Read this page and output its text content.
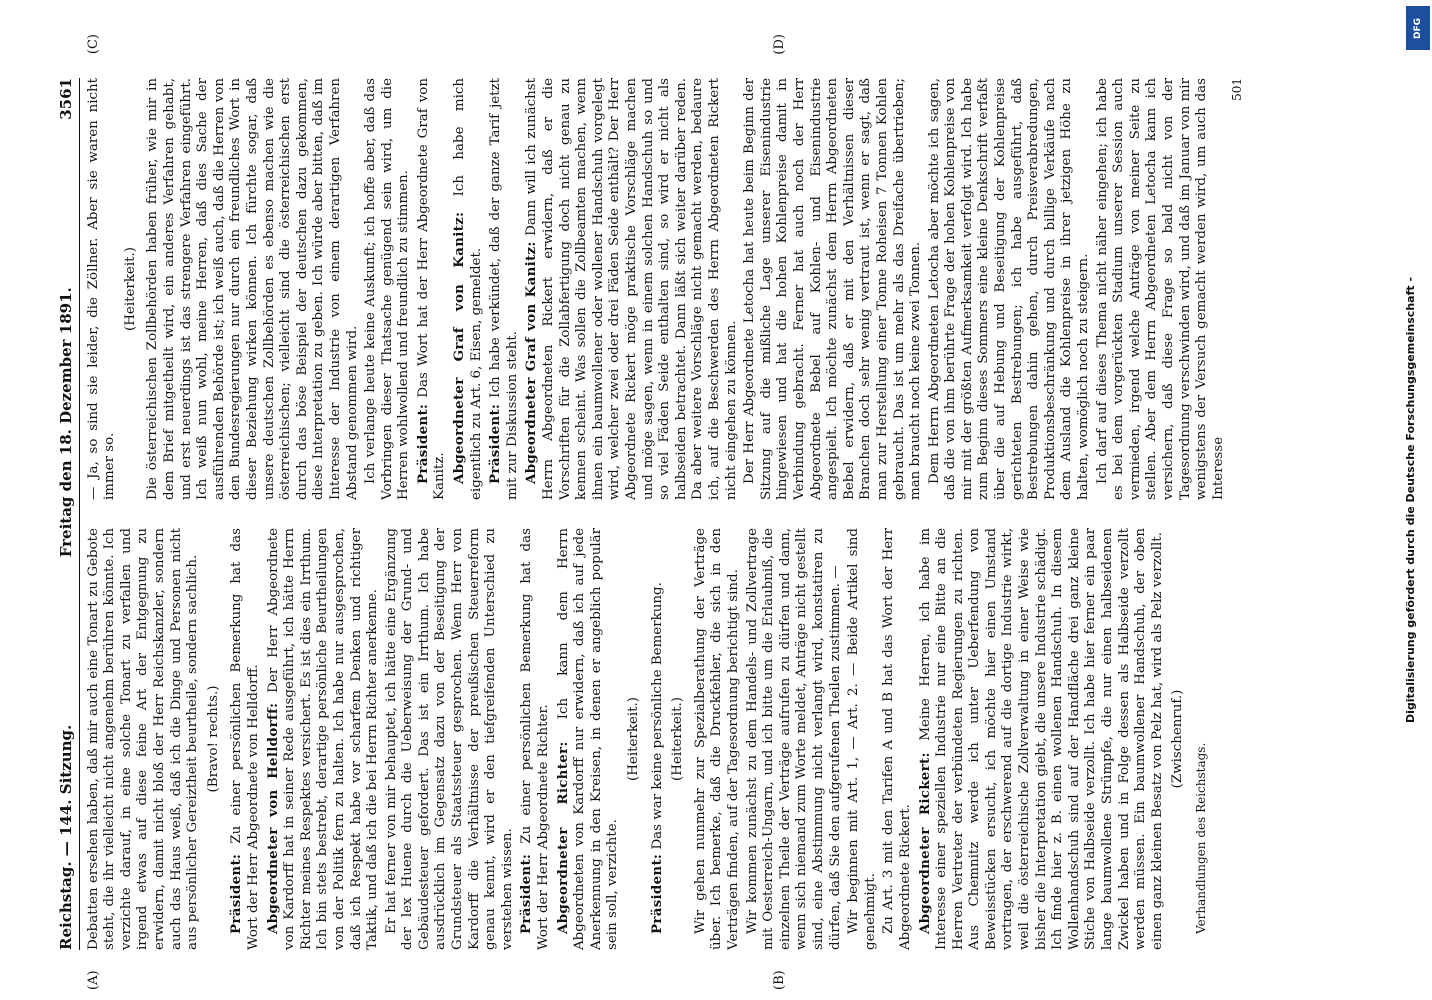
Reichstag. — 144. Sitzung.
Freitag den 18. Dezember 1891.
3561
(A)	(B)
(C)	(D)

Debatten ersehen haben, daß mir auch eine Tonart zu Gebote steht, die ihr vielleicht nicht angenehm berühren könnte. Ich verzichte darauf, in eine solche Tonart zu verfallen und irgend etwas auf diese feine Art der Entgegnung zu erwidern, damit nicht bloß der Herr Reichskanzler, sondern auch das Haus weiß, daß ich die Dinge und Personen nicht aus persönlicher Gereiztheit beurtheile, sondern sachlich. (Bravo! rechts.)

Präsident: Zu einer persönlichen Bemerkung hat das Wort der Herr Abgeordnete von Helldorff. Abgeordneter von Helldorff: Der Herr Abgeordnete von Kardorff hat in seiner Rede ausgeführt, ich hätte Herrn Richter meines Respektes versichert. Es ist dies ein Irrthum. Ich bin stets bestrebt, derartige persönliche Beurtheilungen von der Politik fern zu halten. Ich habe nur ausgesprochen, daß ich Respekt habe vor scharfem Denken und richtiger Taktik, und daß ich die bei Herrn Richter anerkenne. Er hat ferner von mir behauptet, ich hätte eine Ergänzung der lex Huene durch die Ueberweisung der Grund- und Gebäudesteuer gefordert. Das ist ein Irrthum. Ich habe ausdrücklich im Gegensatz dazu von der Beseitigung der Grundsteuer als Staatssteuer gesprochen. Wenn Herr von Kardorff die Verhältnisse der preußischen Steuerreform genau kennt, wird er den tiefgreifenden Unterschied zu verstehen wissen. Präsident: Zu einer persönlichen Bemerkung hat das Wort der Herr Abgeordnete Richter. Abgeordneter Richter: Ich kann dem Herrn Abgeordneten von Kardorff nur erwidern, daß ich auf jede Anerkennung in den Kreisen, in denen er angeblich populär sein soll, verzichte.

(Heiterkeit.)

Präsident: Das war keine persönliche Bemerkung. (Heiterkeit.) Wir gehen nunmehr zur Spezialberathung der Verträge über. Ich bemerke, daß die Druckfehler, die sich in den Verträgen finden, auf der Tagesordnung berichtigt sind. Wir kommen zunächst zu dem Handels- und Zollvertrage mit Oesterreich-Ungarn, und ich bitte um die Erlaubniß, die einzelnen Theile der Verträge aufrufen zu dürfen und dann, wenn sich niemand zum Worte meldet, Anträge nicht gestellt sind, eine Abstimmung nicht verlangt wird, konstatiren zu dürfen, daß Sie den aufgerufenen Theilen zustimmen. — Wir beginnen mit Art. 1, — Art. 2. — Beide Artikel sind genehmigt. Zu Art. 3 mit den Tarifen A und B hat das Wort der Herr Abgeordnete Rickert. Abgeordneter Rickert: Meine Herren, ich habe im Interesse einer speziellen Industrie nur eine Bitte an die Herren Vertreter der verbündeten Regierungen zu richten. Aus Chemnitz werde ich unter Ueberfendung von Beweisstücken ersucht, ich möchte hier einen Umstand vortragen, der erschwerend auf die dortige Industrie wirkt, weil die österreichische Zollverwaltung in einer Weise wie bisher die Interpretation giebt, die unsere Industrie schädigt. Ich finde hier z. B. einen wollenen Handschuh. In diesem Wollenhandschuh sind auf der Handfläche drei ganz kleine Stiche von Halbseide verzollt. Ich habe hier ferner ein paar lange baumwollene Strümpfe, die nur einen halbseidenen Zwickel haben und in Folge dessen als Halbseide verzollt werden müssen. Ein baumwollener Handschuh, der oben einen ganz kleinen Besatz von Pelz hat, wird als Pelz verzollt. (Zwischenruf.)

Verhandlungen des Reichstags.

— Ja, so sind sie leider, die Zöllner. Aber sie waren nicht immer so.

(Heiterkeit.) Die österreichischen Zollbehörden haben früher, wie mir in dem Brief mitgetheilt wird, ein anderes Verfahren gehabt, und erst neuerdings ist das strengere Verfahren eingeführt. Ich weiß nun wohl, meine Herren, daß dies Sache der ausführenden Behörde ist; ich weiß auch, daß die Herren von den Bundesregierungen nur durch ein freundliches Wort in dieser Beziehung wirken können. Ich fürchte sogar, daß unsere deutschen Zollbehörden es ebenso machen wie die österreichischen; vielleicht sind die österreichischen erst durch das böse Beispiel der deutschen dazu gekommen, diese Interpretation zu geben. Ich würde aber bitten, daß im Interesse der Industrie von einem derartigen Verfahren Abstand genommen wird. Ich verlange heute keine Auskunft; ich hoffe aber, daß das Vorbringen dieser Thatsache genügend sein wird, um die Herren wohlwollend und freundlich zu stimmen. Präsident: Das Wort hat der Herr Abgeordnete Graf von Kanitz. Abgeordneter Graf von Kanitz: Ich habe mich eigentlich zu Art. 6, Eisen, gemeldet. Präsident: Ich habe verkündet, daß der ganze Tarif jetzt mit zur Diskussion steht. Abgeordneter Graf von Kanitz: Dann will ich zunächst Herrn Abgeordneten Rickert erwidern, daß er die Vorschriften für die Zollabfertigung doch nicht genau zu kennen scheint. Was sollen die Zollbeamten machen, wenn ihnen ein baumwollener oder wollener Handschuh vorgelegt wird, welcher zwei oder drei Fäden Seide enthält? Der Herr Abgeordnete Rickert möge praktische Vorschläge machen und möge sagen, wenn in einem solchen Handschuh so und so viel Fäden Seide enthalten sind, so wird er nicht als halbseiden betrachtet. Dann läßt sich weiter darüber reden. Da aber weitere Vorschläge nicht gemacht werden, bedaure ich, auf die Beschwerden des Herrn Abgeordneten Rickert nicht eingehen zu können. Der Herr Abgeordnete Letocha hat heute beim Beginn der Sitzung auf die mißliche Lage unserer Eisenindustrie hingewiesen und hat die hohen Kohlenpreise damit in Verbindung gebracht. Ferner hat auch noch der Herr Abgeordnete Bebel auf Kohlen- und Eisenindustrie angespielt. Ich möchte zunächst dem Herrn Abgeordneten Bebel erwidern, daß er mit den Verhältnissen dieser Branchen doch sehr wenig vertraut ist, wenn er sagt, daß man zur Herstellung einer Tonne Roheisen 7 Tonnen Kohlen gebraucht. Das ist um mehr als das Dreifache übertrieben; man braucht noch keine zwei Tonnen. Dem Herrn Abgeordneten Letocha aber möchte ich sagen, daß die von ihm berührte Frage der hohen Kohlenpreise von mir mit der größten Aufmerksamkeit verfolgt wird. Ich habe zum Beginn dieses Sommers eine kleine Denkschrift verfaßt über die auf Hebung und Beseitigung der Kohlenpreise gerichteten Bestrebungen; ich habe ausgeführt, daß Bestrebungen dahin gehen, durch Preisverabredungen, Produktionsbeschränkung und durch billige Verkäufe nach dem Ausland die Kohlenpreise in ihrer jetzigen Höhe zu halten, womöglich noch zu steigern. Ich darf auf dieses Thema nicht näher eingehen; ich habe es bei dem vorgerückten Stadium unserer Session auch vermieden, irgend welche Anträge von meiner Seite zu stellen. Aber dem Herrn Abgeordneten Letocha kann ich versichern, daß diese Frage so bald nicht von der Tagesordnung verschwinden wird, und daß im Januar von mir wenigstens der Versuch gemacht werden wird, um auch das Interesse

501

Digitalisierung gefördert durch die Deutsche Forschungsgemeinschaft -
DFG
